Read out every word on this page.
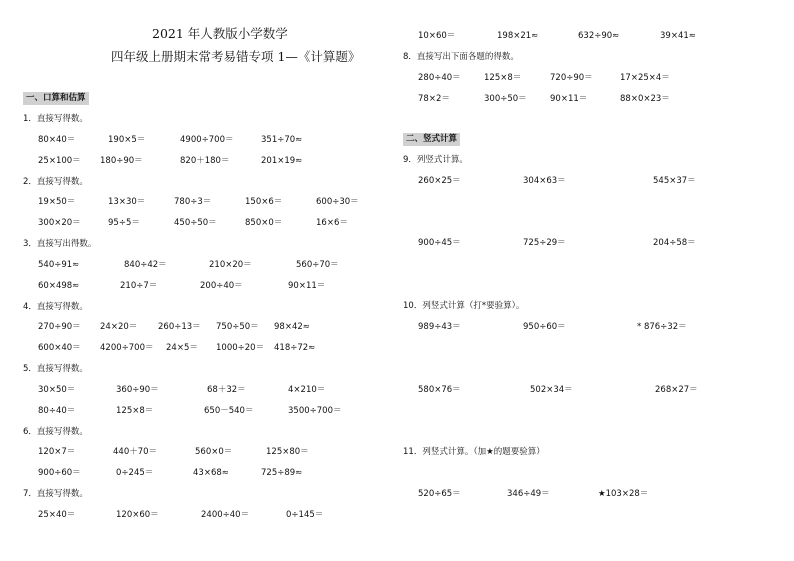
2021 年人教版小学数学
四年级上册期末常考易错专项 1—《计算题》
一、口算和估算
1．直接写得数。
80×40＝	190×5＝	4900÷700＝	351÷70≈
25×100＝ 180÷90＝	820＋180＝	201×19≈
2．直接写得数。
19×50＝	13×30＝	780÷3＝	150×6＝	600÷30＝
300×20＝	95÷5＝	450÷50＝	850×0＝	16×6＝
3．直接写出得数。
540÷91≈	840÷42＝	210×20＝	560÷70＝
60×498≈	210÷7＝	200÷40＝	90×11＝
4．直接写得数。
270÷90＝ 24×20＝ 260÷13＝ 750÷50＝ 98×42≈
600×40＝ 4200÷700＝ 24×5＝ 1000÷20＝ 418÷72≈
5．直接写得数。
30×50＝	360÷90＝	68＋32＝	4×210＝
80÷40＝	125×8＝	650－540＝	3500÷700＝
6．直接写得数。
120×7＝	440＋70＝	560×0＝	125×80＝
900÷60＝	0÷245＝	43×68≈	725÷89≈
7．直接写得数。
25×40＝	120×60＝	2400÷40＝	0÷145＝
10×60＝	198×21≈	632÷90≈	39×41≈
8．直接写出下面各题的得数。
280÷40＝	125×8＝	720÷90＝	17×25×4＝
78×2＝	300÷50＝	90×11＝	88×0×23＝
二、竖式计算
9．列竖式计算。
260×25＝	304×63＝	545×37＝
900÷45＝	725÷29＝	204÷58＝
10．列竖式计算（打*要验算）。
989÷43＝	950÷60＝	* 876÷32＝
580×76＝	502×34＝	268×27＝
11．列竖式计算。（加★的题要验算）
520÷65＝	346÷49＝	★103×28＝
